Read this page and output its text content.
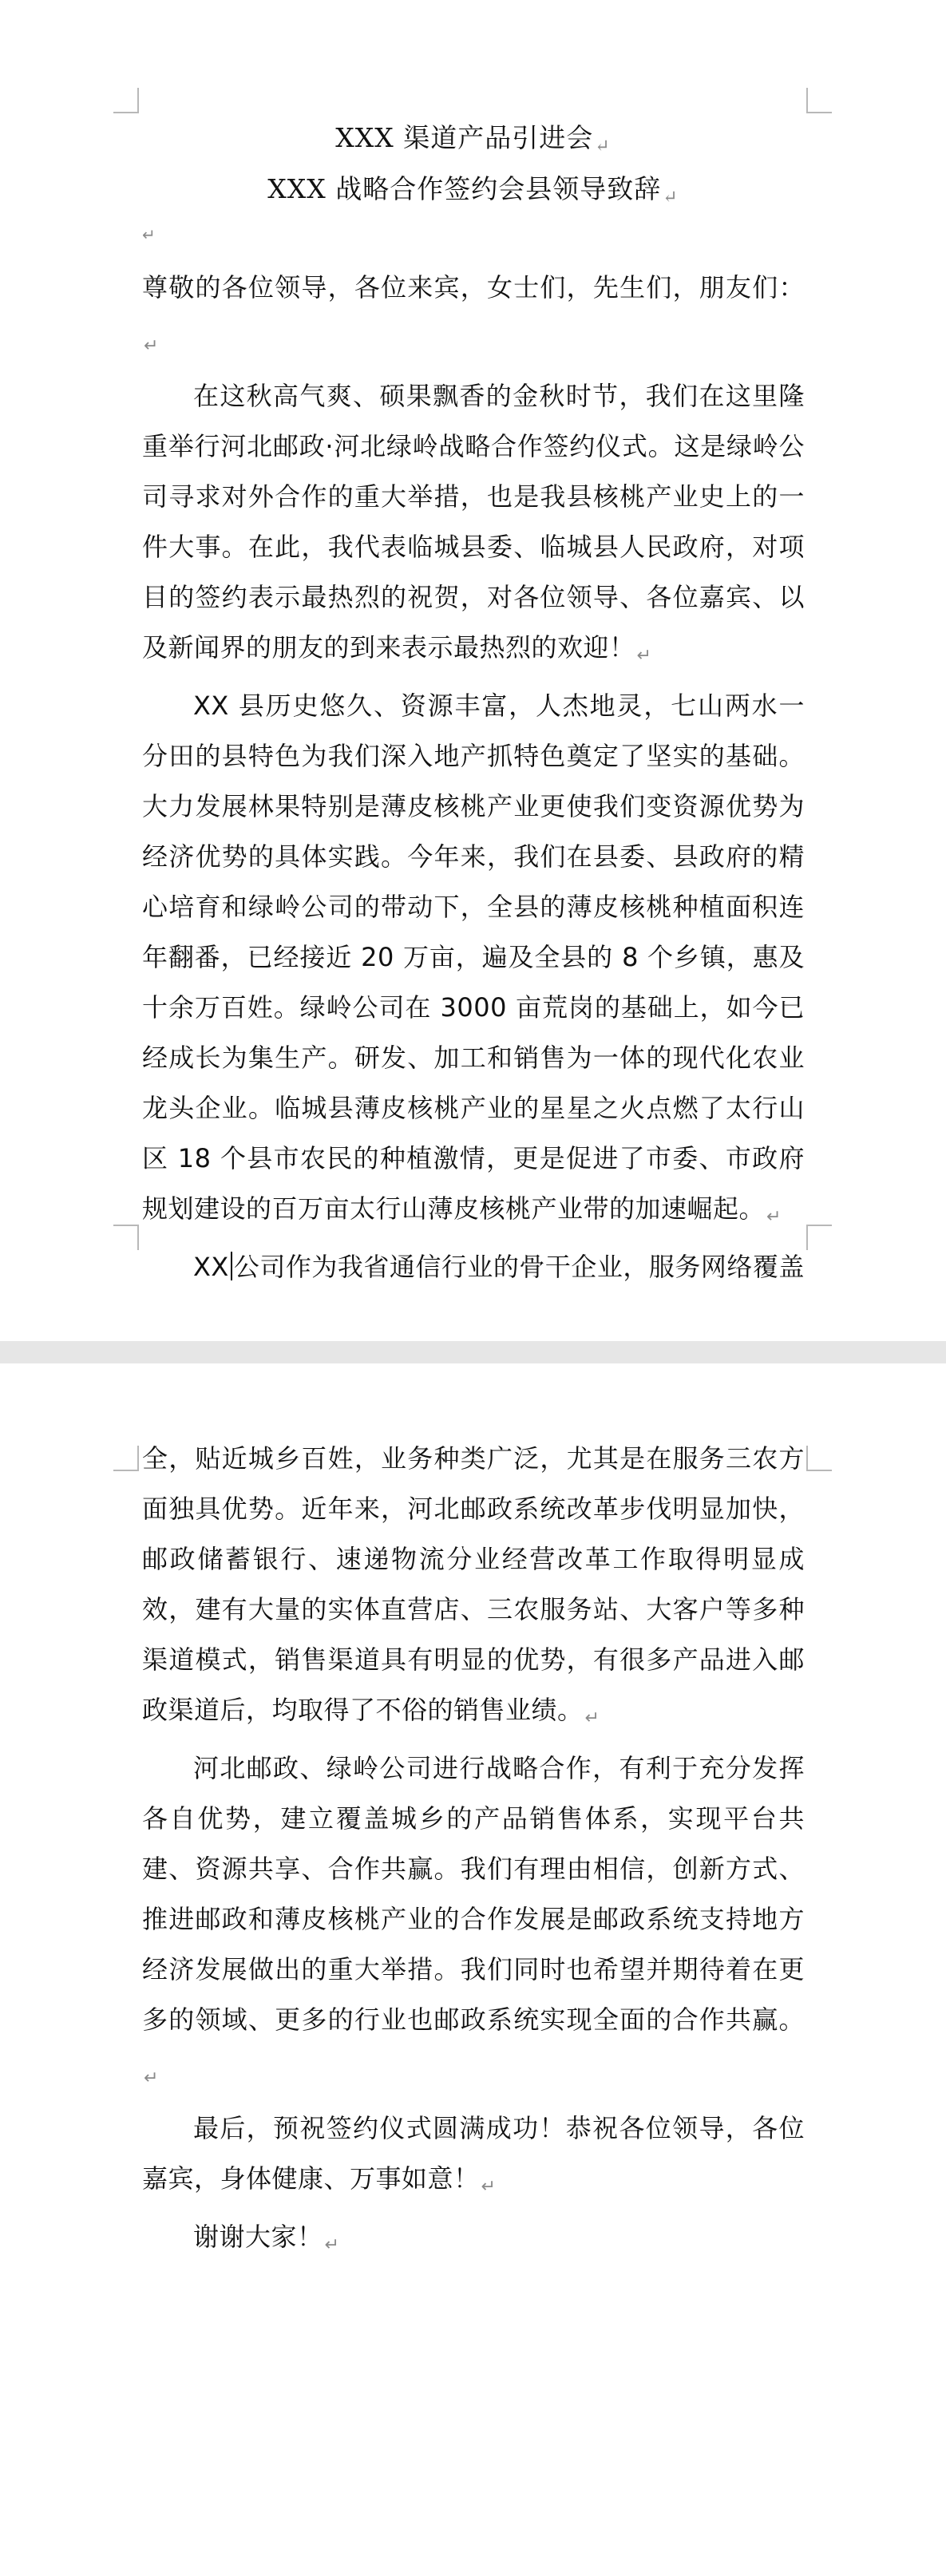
XXX 渠道产品引进会↵
XXX 战略合作签约会县领导致辞↵
↵

尊敬的各位领导，各位来宾，女士们，先生们，朋友们：↵

在这秋高气爽、硕果飘香的金秋时节，我们在这里隆重举行河北邮政·河北绿岭战略合作签约仪式。这是绿岭公司寻求对外合作的重大举措，也是我县核桃产业史上的一件大事。在此，我代表临城县委、临城县人民政府，对项目的签约表示最热烈的祝贺，对各位领导、各位嘉宾、以及新闻界的朋友的到来表示最热烈的欢迎！↵

XX 县历史悠久、资源丰富，人杰地灵，七山两水一分田的县特色为我们深入地产抓特色奠定了坚实的基础。大力发展林果特别是薄皮核桃产业更使我们变资源优势为经济优势的具体实践。今年来，我们在县委、县政府的精心培育和绿岭公司的带动下，全县的薄皮核桃种植面积连年翻番，已经接近 20 万亩，遍及全县的 8 个乡镇，惠及十余万百姓。绿岭公司在 3000 亩荒岗的基础上，如今已经成长为集生产。研发、加工和销售为一体的现代化农业龙头企业。临城县薄皮核桃产业的星星之火点燃了太行山区 18 个县市农民的种植激情，更是促进了市委、市政府规划建设的百万亩太行山薄皮核桃产业带的加速崛起。↵

XX 公司作为我省通信行业的骨干企业，服务网络覆盖

全，贴近城乡百姓，业务种类广泛，尤其是在服务三农方面独具优势。近年来，河北邮政系统改革步伐明显加快，邮政储蓄银行、速递物流分业经营改革工作取得明显成效，建有大量的实体直营店、三农服务站、大客户等多种渠道模式，销售渠道具有明显的优势，有很多产品进入邮政渠道后，均取得了不俗的销售业绩。↵

河北邮政、绿岭公司进行战略合作，有利于充分发挥各自优势，建立覆盖城乡的产品销售体系，实现平台共建、资源共享、合作共赢。我们有理由相信，创新方式、推进邮政和薄皮核桃产业的合作发展是邮政系统支持地方经济发展做出的重大举措。我们同时也希望并期待着在更多的领域、更多的行业也邮政系统实现全面的合作共赢。↵

最后，预祝签约仪式圆满成功！恭祝各位领导，各位嘉宾，身体健康、万事如意！↵

谢谢大家！↵
